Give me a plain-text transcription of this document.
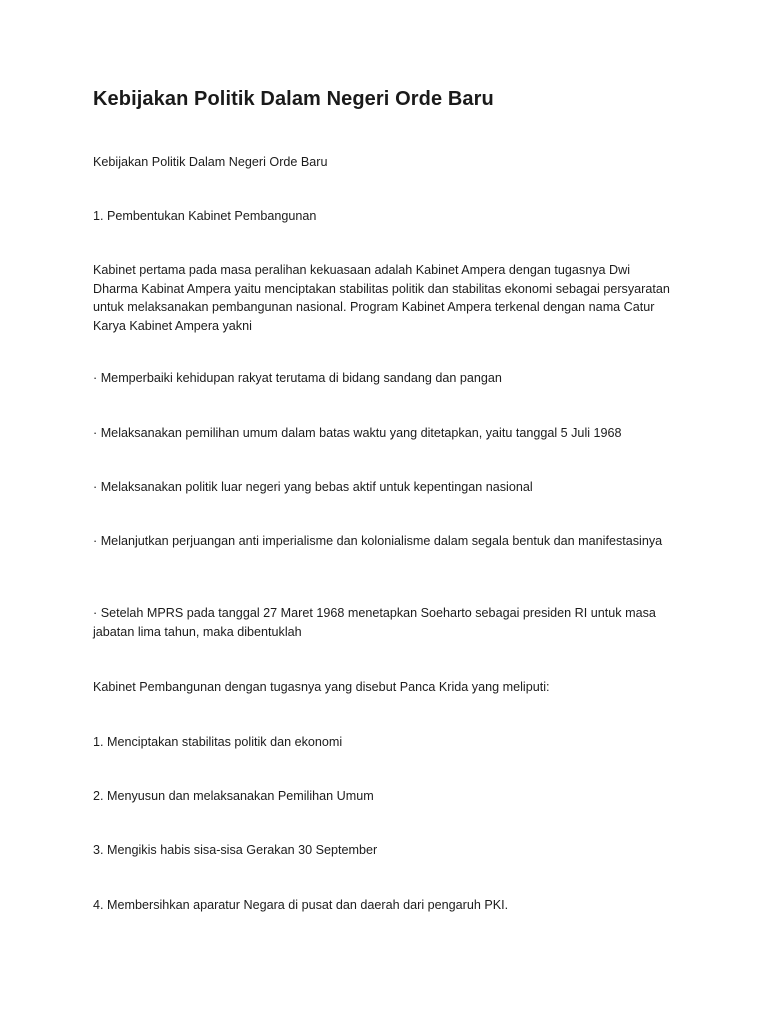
Kebijakan Politik Dalam Negeri Orde Baru

Kebijakan Politik Dalam Negeri Orde Baru

1. Pembentukan Kabinet Pembangunan

Kabinet pertama pada masa peralihan kekuasaan adalah Kabinet Ampera dengan tugasnya Dwi Dharma Kabinat Ampera yaitu menciptakan stabilitas politik dan stabilitas ekonomi sebagai persyaratan untuk melaksanakan pembangunan nasional. Program Kabinet Ampera terkenal dengan nama Catur Karya Kabinet Ampera yakni

· Memperbaiki kehidupan rakyat terutama di bidang sandang dan pangan

· Melaksanakan pemilihan umum dalam batas waktu yang ditetapkan, yaitu tanggal 5 Juli 1968

· Melaksanakan politik luar negeri yang bebas aktif untuk kepentingan nasional

· Melanjutkan perjuangan anti imperialisme dan kolonialisme dalam segala bentuk dan manifestasinya

· Setelah MPRS pada tanggal 27 Maret 1968 menetapkan Soeharto sebagai presiden RI untuk masa jabatan lima tahun, maka dibentuklah

Kabinet Pembangunan dengan tugasnya yang disebut Panca Krida yang meliputi:

1. Menciptakan stabilitas politik dan ekonomi

2. Menyusun dan melaksanakan Pemilihan Umum

3. Mengikis habis sisa-sisa Gerakan 30 September

4. Membersihkan aparatur Negara di pusat dan daerah dari pengaruh PKI.
